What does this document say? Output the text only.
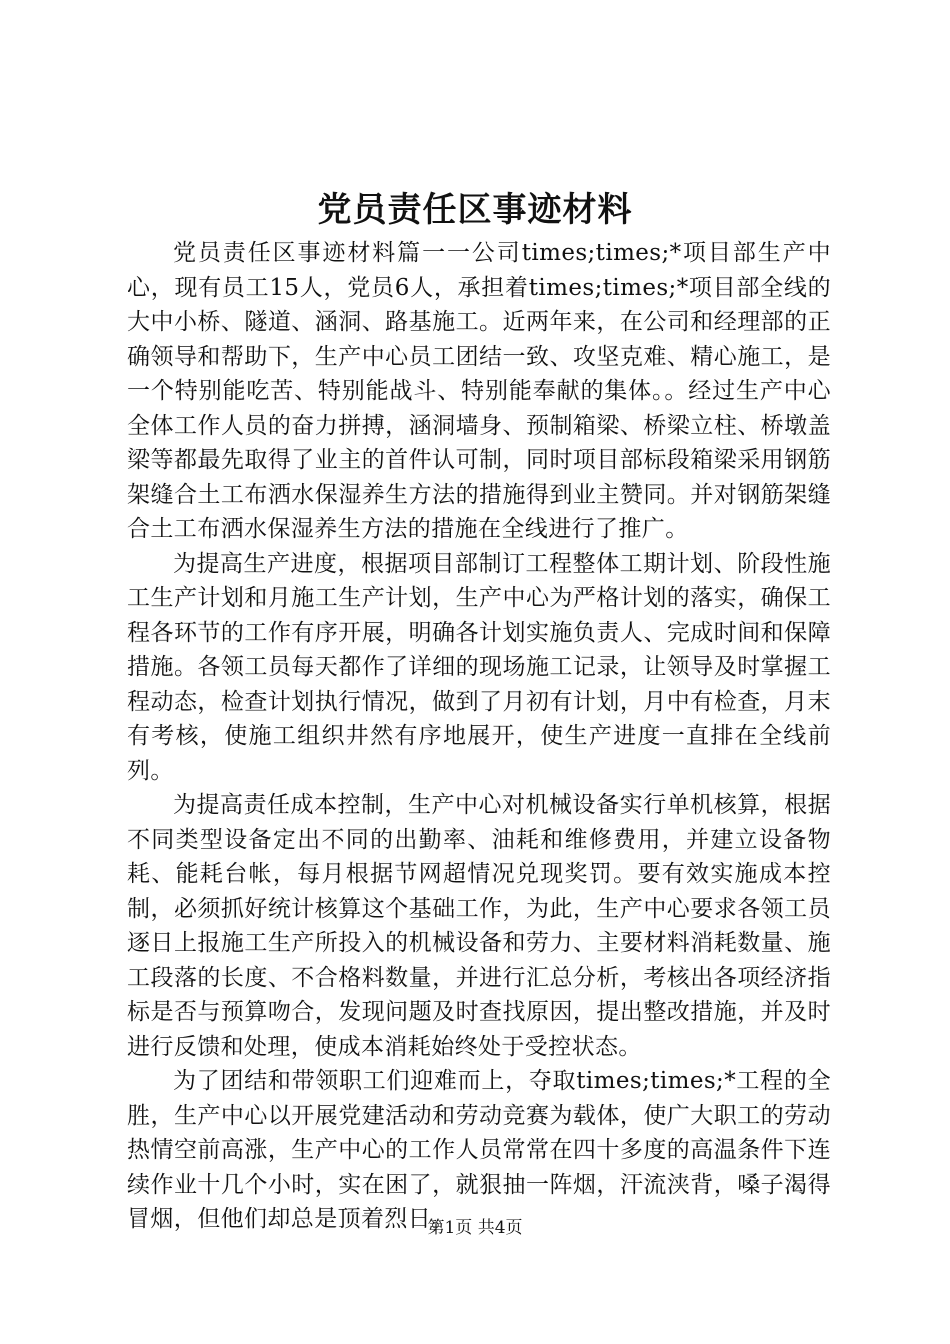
党员责任区事迹材料

党员责任区事迹材料篇一一公司times;times;*项目部生产中心，现有员工15人，党员6人，承担着times;times;*项目部全线的大中小桥、隧道、涵洞、路基施工。近两年来，在公司和经理部的正确领导和帮助下，生产中心员工团结一致、攻坚克难、精心施工，是一个特别能吃苦、特别能战斗、特别能奉献的集体。。经过生产中心全体工作人员的奋力拼搏，涵洞墙身、预制箱梁、桥梁立柱、桥墩盖梁等都最先取得了业主的首件认可制，同时项目部标段箱梁采用钢筋架缝合土工布洒水保湿养生方法的措施得到业主赞同。并对钢筋架缝合土工布洒水保湿养生方法的措施在全线进行了推广。

为提高生产进度，根据项目部制订工程整体工期计划、阶段性施工生产计划和月施工生产计划，生产中心为严格计划的落实，确保工程各环节的工作有序开展，明确各计划实施负责人、完成时间和保障措施。各领工员每天都作了详细的现场施工记录，让领导及时掌握工程动态，检查计划执行情况，做到了月初有计划，月中有检查，月末有考核，使施工组织井然有序地展开，使生产进度一直排在全线前列。

为提高责任成本控制，生产中心对机械设备实行单机核算，根据不同类型设备定出不同的出勤率、油耗和维修费用，并建立设备物耗、能耗台帐，每月根据节网超情况兑现奖罚。要有效实施成本控制，必须抓好统计核算这个基础工作，为此，生产中心要求各领工员逐日上报施工生产所投入的机械设备和劳力、主要材料消耗数量、施工段落的长度、不合格料数量，并进行汇总分析，考核出各项经济指标是否与预算吻合，发现问题及时查找原因，提出整改措施，并及时进行反馈和处理，使成本消耗始终处于受控状态。

为了团结和带领职工们迎难而上，夺取times;times;*工程的全胜，生产中心以开展党建活动和劳动竞赛为载体，使广大职工的劳动热情空前高涨，生产中心的工作人员常常在四十多度的高温条件下连续作业十几个小时，实在困了，就狠抽一阵烟，汗流浃背，嗓子渴得冒烟，但他们却总是顶着烈日。

第1页 共4页
